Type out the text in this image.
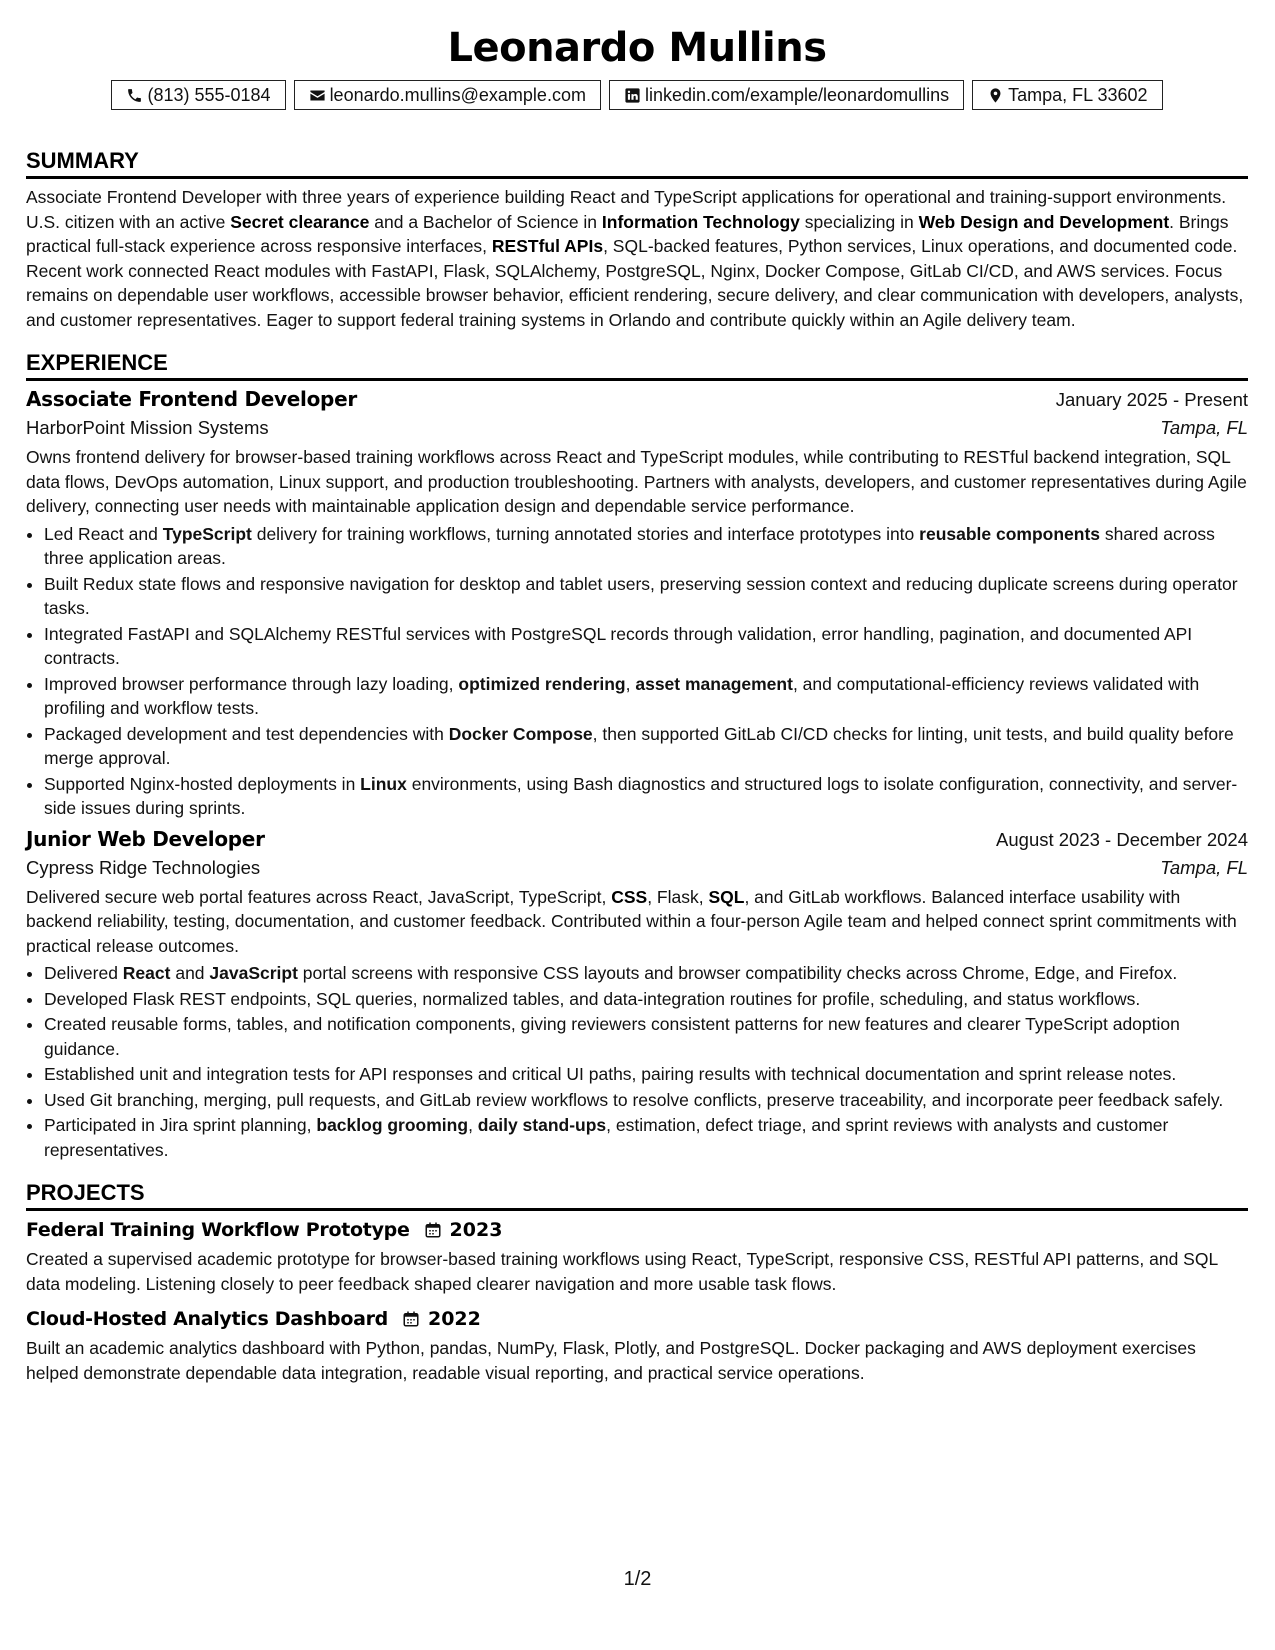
Leonardo Mullins
(813) 555-0184	leonardo.mullins@example.com	linkedin.com/example/leonardomullins	Tampa, FL 33602
SUMMARY
Associate Frontend Developer with three years of experience building React and TypeScript applications for operational and training-support environments. U.S. citizen with an active Secret clearance and a Bachelor of Science in Information Technology specializing in Web Design and Development. Brings practical full-stack experience across responsive interfaces, RESTful APIs, SQL-backed features, Python services, Linux operations, and documented code. Recent work connected React modules with FastAPI, Flask, SQLAlchemy, PostgreSQL, Nginx, Docker Compose, GitLab CI/CD, and AWS services. Focus remains on dependable user workflows, accessible browser behavior, efficient rendering, secure delivery, and clear communication with developers, analysts, and customer representatives. Eager to support federal training systems in Orlando and contribute quickly within an Agile delivery team.
EXPERIENCE
Associate Frontend Developer	January 2025 - Present
HarborPoint Mission Systems	Tampa, FL
Owns frontend delivery for browser-based training workflows across React and TypeScript modules, while contributing to RESTful backend integration, SQL data flows, DevOps automation, Linux support, and production troubleshooting. Partners with analysts, developers, and customer representatives during Agile delivery, connecting user needs with maintainable application design and dependable service performance.
• Led React and TypeScript delivery for training workflows, turning annotated stories and interface prototypes into reusable components shared across three application areas.
• Built Redux state flows and responsive navigation for desktop and tablet users, preserving session context and reducing duplicate screens during operator tasks.
• Integrated FastAPI and SQLAlchemy RESTful services with PostgreSQL records through validation, error handling, pagination, and documented API contracts.
• Improved browser performance through lazy loading, optimized rendering, asset management, and computational-efficiency reviews validated with profiling and workflow tests.
• Packaged development and test dependencies with Docker Compose, then supported GitLab CI/CD checks for linting, unit tests, and build quality before merge approval.
• Supported Nginx-hosted deployments in Linux environments, using Bash diagnostics and structured logs to isolate configuration, connectivity, and server-side issues during sprints.
Junior Web Developer	August 2023 - December 2024
Cypress Ridge Technologies	Tampa, FL
Delivered secure web portal features across React, JavaScript, TypeScript, CSS, Flask, SQL, and GitLab workflows. Balanced interface usability with backend reliability, testing, documentation, and customer feedback. Contributed within a four-person Agile team and helped connect sprint commitments with practical release outcomes.
• Delivered React and JavaScript portal screens with responsive CSS layouts and browser compatibility checks across Chrome, Edge, and Firefox.
• Developed Flask REST endpoints, SQL queries, normalized tables, and data-integration routines for profile, scheduling, and status workflows.
• Created reusable forms, tables, and notification components, giving reviewers consistent patterns for new features and clearer TypeScript adoption guidance.
• Established unit and integration tests for API responses and critical UI paths, pairing results with technical documentation and sprint release notes.
• Used Git branching, merging, pull requests, and GitLab review workflows to resolve conflicts, preserve traceability, and incorporate peer feedback safely.
• Participated in Jira sprint planning, backlog grooming, daily stand-ups, estimation, defect triage, and sprint reviews with analysts and customer representatives.
PROJECTS
Federal Training Workflow Prototype 2023
Created a supervised academic prototype for browser-based training workflows using React, TypeScript, responsive CSS, RESTful API patterns, and SQL data modeling. Listening closely to peer feedback shaped clearer navigation and more usable task flows.
Cloud-Hosted Analytics Dashboard 2022
Built an academic analytics dashboard with Python, pandas, NumPy, Flask, Plotly, and PostgreSQL. Docker packaging and AWS deployment exercises helped demonstrate dependable data integration, readable visual reporting, and practical service operations.
1/2
